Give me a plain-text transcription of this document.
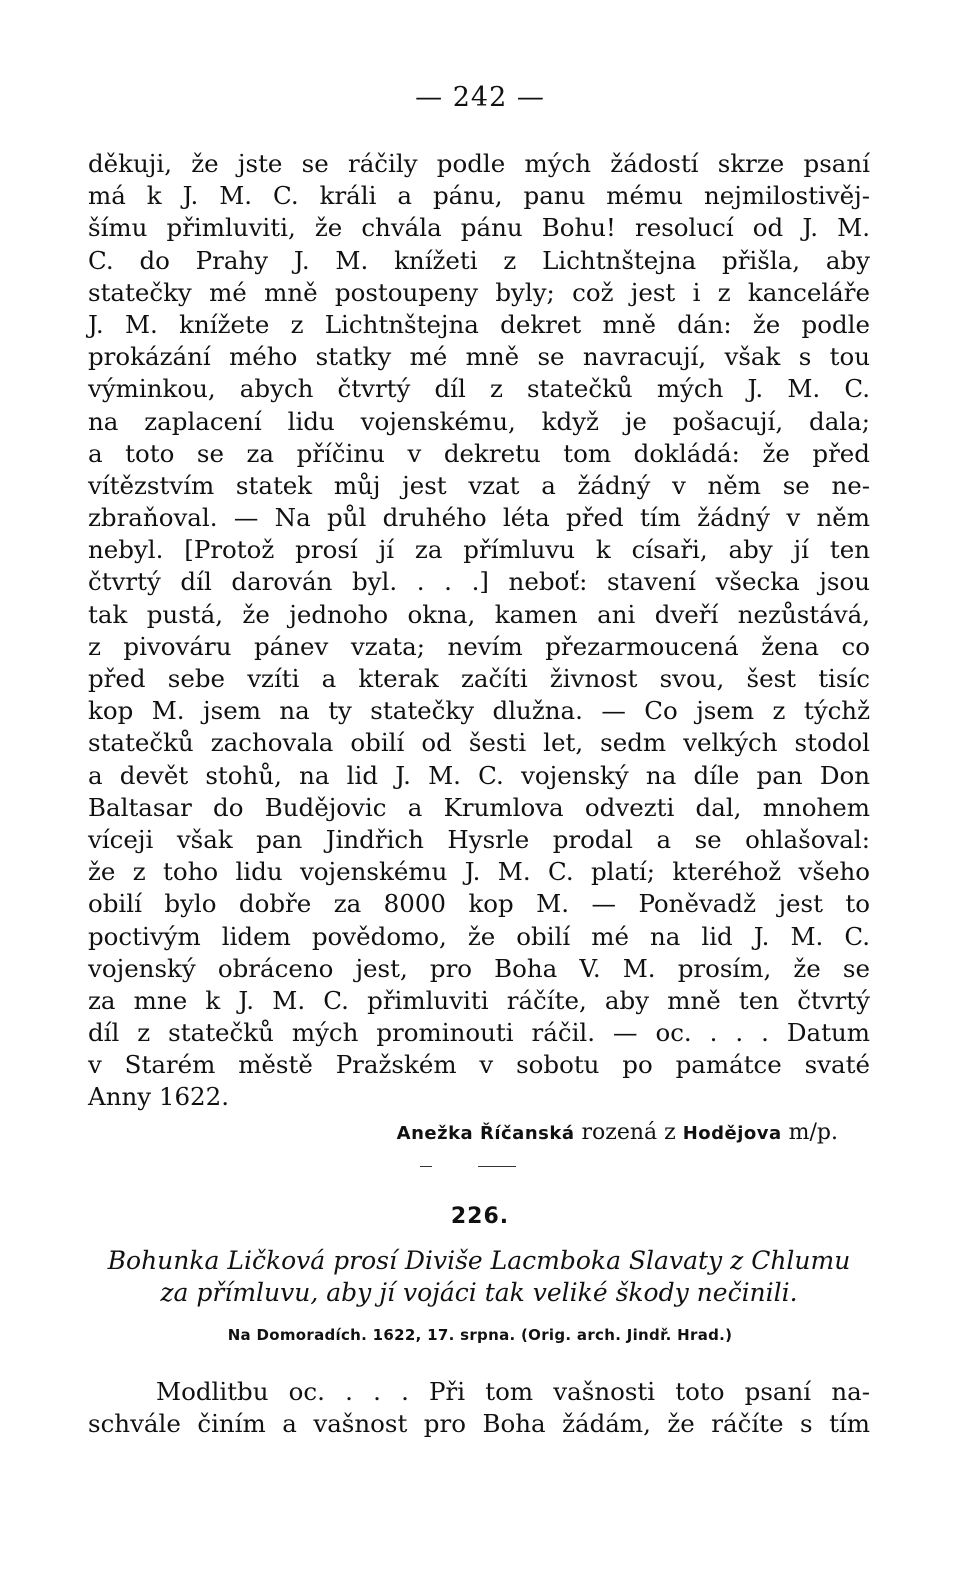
— 242 —
děkuji, že jste se ráčily podle mých žádostí skrze psaní
má k J. M. C. králi a pánu, panu mému nejmilostivěj-
šímu přimluviti, že chvála pánu Bohu! resolucí od J. M.
C. do Prahy J. M. knížeti z Lichtnštejna přišla, aby
statečky mé mně postoupeny byly; což jest i z kanceláře
J. M. knížete z Lichtnštejna dekret mně dán: že podle
prokázání mého statky mé mně se navracují, však s tou
výminkou, abych čtvrtý díl z statečků mých J. M. C.
na zaplacení lidu vojenskému, když je pošacují, dala;
a toto se za příčinu v dekretu tom dokládá: že před
vítězstvím statek můj jest vzat a žádný v něm se ne-
zbraňoval. — Na půl druhého léta před tím žádný v něm
nebyl. [Protož prosí jí za přímluvu k císaři, aby jí ten
čtvrtý díl darován byl. . . .] neboť: stavení všecka jsou
tak pustá, že jednoho okna, kamen ani dveří nezůstává,
z pivováru pánev vzata; nevím přezarmoucená žena co
před sebe vzíti a kterak začíti živnost svou, šest tisíc
kop M. jsem na ty statečky dlužna. — Co jsem z týchž
statečků zachovala obilí od šesti let, sedm velkých stodol
a devět stohů, na lid J. M. C. vojenský na díle pan Don
Baltasar do Budějovic a Krumlova odvezti dal, mnohem
víceji však pan Jindřich Hysrle prodal a se ohlašoval:
že z toho lidu vojenskému J. M. C. platí; kteréhož všeho
obilí bylo dobře za 8000 kop M. — Poněvadž jest to
poctivým lidem povědomo, že obilí mé na lid J. M. C.
vojenský obráceno jest, pro Boha V. M. prosím, že se
za mne k J. M. C. přimluviti ráčíte, aby mně ten čtvrtý
díl z statečků mých prominouti ráčil. — oc. . . . Datum
v Starém městě Pražském v sobotu po památce svaté
Anny 1622.
Anežka Říčanská rozená z Hodějova m/p.
226.
Bohunka Ličková prosí Diviše Lacmboka Slavaty z Chlumu
za přímluvu, aby jí vojáci tak veliké škody nečinili.
Na Domoradích. 1622, 17. srpna. (Orig. arch. Jindř. Hrad.)
Modlitbu oc. . . . Při tom vašnosti toto psaní na-
schvále činím a vašnost pro Boha žádám, že ráčíte s tím
